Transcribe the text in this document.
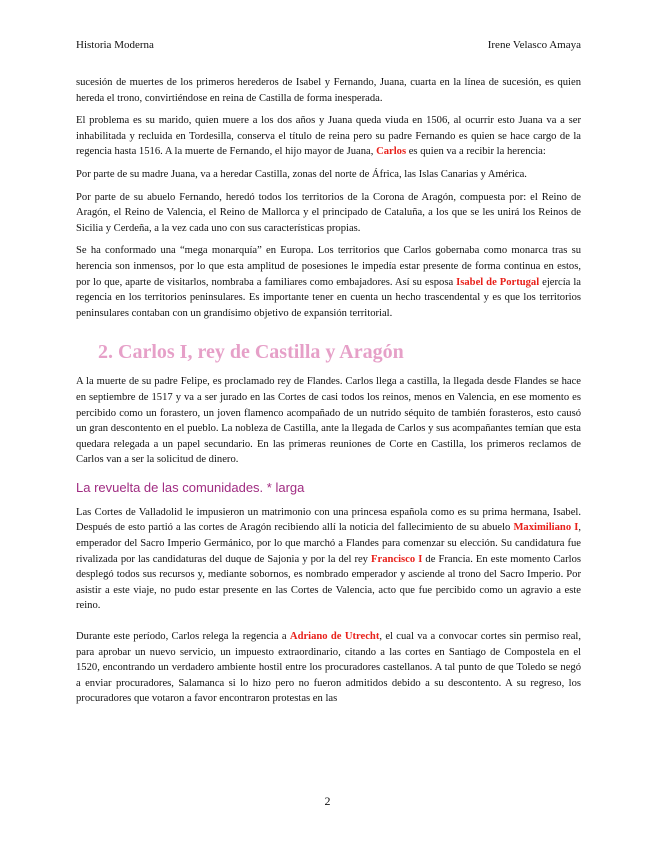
Historia Moderna	Irene Velasco Amaya

sucesión de muertes de los primeros herederos de Isabel y Fernando, Juana, cuarta en la línea de sucesión, es quien hereda el trono, convirtiéndose en reina de Castilla de forma inesperada.

El problema es su marido, quien muere a los dos años y Juana queda viuda en 1506, al ocurrir esto Juana va a ser inhabilitada y recluida en Tordesilla, conserva el título de reina pero su padre Fernando es quien se hace cargo de la regencia hasta 1516. A la muerte de Fernando, el hijo mayor de Juana, Carlos es quien va a recibir la herencia:

Por parte de su madre Juana, va a heredar Castilla, zonas del norte de África, las Islas Canarias y América.

Por parte de su abuelo Fernando, heredó todos los territorios de la Corona de Aragón, compuesta por: el Reino de Aragón, el Reino de Valencia, el Reino de Mallorca y el principado de Cataluña, a los que se les unirá los Reinos de Sicilia y Cerdeña, a la vez cada uno con sus características propias.

Se ha conformado una “mega monarquía” en Europa. Los territorios que Carlos gobernaba como monarca tras su herencia son inmensos, por lo que esta amplitud de posesiones le impedía estar presente de forma continua en estos, por lo que, aparte de visitarlos, nombraba a familiares como embajadores. Así su esposa Isabel de Portugal ejercía la regencia en los territorios peninsulares. Es importante tener en cuenta un hecho trascendental y es que los territorios peninsulares contaban con un grandísimo objetivo de expansión territorial.

2. Carlos I, rey de Castilla y Aragón

A la muerte de su padre Felipe, es proclamado rey de Flandes. Carlos llega a castilla, la llegada desde Flandes se hace en septiembre de 1517 y va a ser jurado en las Cortes de casi todos los reinos, menos en Valencia, en ese momento es percibido como un forastero, un joven flamenco acompañado de un nutrido séquito de también forasteros, esto causó un gran descontento en el pueblo. La nobleza de Castilla, ante la llegada de Carlos y sus acompañantes temían que esta quedara relegada a un papel secundario. En las primeras reuniones de Corte en Castilla, los primeros reclamos de Carlos van a ser la solicitud de dinero.

La revuelta de las comunidades. * larga

Las Cortes de Valladolid le impusieron un matrimonio con una princesa española como es su prima hermana, Isabel. Después de esto partió a las cortes de Aragón recibiendo allí la noticia del fallecimiento de su abuelo Maximiliano I, emperador del Sacro Imperio Germánico, por lo que marchó a Flandes para comenzar su elección. Su candidatura fue rivalizada por las candidaturas del duque de Sajonia y por la del rey Francisco I de Francia. En este momento Carlos desplegó todos sus recursos y, mediante sobornos, es nombrado emperador y asciende al trono del Sacro Imperio. Por asistir a este viaje, no pudo estar presente en las Cortes de Valencia, acto que fue percibido como un agravio a este reino.

Durante este período, Carlos relega la regencia a Adriano de Utrecht, el cual va a convocar cortes sin permiso real, para aprobar un nuevo servicio, un impuesto extraordinario, citando a las cortes en Santiago de Compostela en el 1520, encontrando un verdadero ambiente hostil entre los procuradores castellanos. A tal punto de que Toledo se negó a enviar procuradores, Salamanca si lo hizo pero no fueron admitidos debido a su descontento. A su regreso, los procuradores que votaron a favor encontraron protestas en las

2
